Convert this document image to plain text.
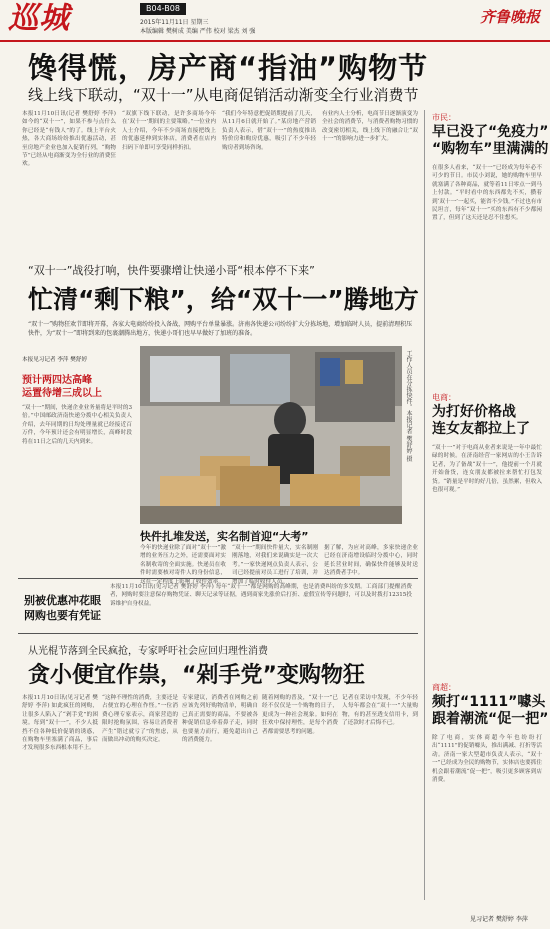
巡城	B04-B08
2015年11月11日 星期三
本版编辑 樊树成 美编 严伟 校对 梁杰 刘 强
齐鲁晚报
馋得慌，房产商“指油”购物节
线上线下联动，“双十一”从电商促销活动渐变全行业消费节
本报11月10日讯(记者 樊舒婷 李萍) 如今的“双十一”，如果不参与点什么你已经是“有钱人”的了。线上平台火热，各大商场纷纷推出优惠活动，甚至房地产企业也加入促销行列，“购物节”已经从电商渐变为全行业的消费狂欢。
“双旗下线下联动，是许多商场今年在‘双十一’期间的主要策略。”一位业内人士介绍，今年不少商场直接把线上的优惠延伸到实体店，消费者在店内扫码下单即可享受同样折扣。
“我们今年特意把促销期提前了几天，从11月6日就开始了。”某房地产营销负责人表示，借“双十一”的热度推出特价房和购房优惠，吸引了不少年轻购房者到场咨询。
有业内人士分析，电商节日逐渐演变为全社会的消费节，与消费者购物习惯的改变密切相关，线上线下的融合让“双十一”的影响力进一步扩大。
“双十一”战役打响，快件要骤增让快递小哥“根本停不下来”
忙清“剩下粮”，给“双十一”腾地方
“双十一”购物狂欢节即将开幕，各家大电商纷纷投入备战，网购平台单量暴涨。济南各快递公司纷纷扩大分拣场地，增加临时人员，提前清理积压快件，为“双十一”即将到来的包裹潮腾出地方，快递小哥们也早早做好了加班的准备。
本报见习记者 李萍 樊舒婷
预计两四达高峰
运置待增三成以上
“双十一”期间，快递企业业务量将是平时的3倍。”中国邮政济南快递分拨中心相关负责人介绍，去年同期的日均处理量就已经接近百万件，今年预计还会有明显增长，高峰时段将在11日之后的几天内到来。	工作人员在分拣快件。本报记者 樊舒婷 摄
快件扎堆发送，实名制首迎“大考”
今年的快递业除了面对“双十一”激增的业务压力之外，还需要面对实名制收寄的全面实施。快递员在收件时需要核对寄件人的身份信息，这在一定程度上影响了收件效率。
“双十一”期间快件量大，实名制刚刚落地，对我们来说确实是一次大考。”一家快递网点负责人表示，公司已经提前对员工进行了培训，并增加了临时收件人员。
据了解，为应对高峰，多家快递企业已经在济南增设临时分拨中心，同时延长营业时间，确保快件能够及时送达消费者手中。
别被优惠冲花眼
网购也要有凭证
本报11月10日讯(见习记者 樊舒婷 李萍) 每年“双十一”都是网购的高峰期，也是消费纠纷的多发期。工商部门提醒消费者，网购时要注意保存购物凭证、聊天记录等证据，遇到商家先涨价后打折、虚假宣传等问题时，可以及时拨打12315投诉维护自身权益。
从光棍节落到全民疯抢，专家呼吁社会应回归理性消费
贪小便宜作祟，“剁手党”变购物狂
本报11月10日讯(见习记者 樊舒婷 李萍) 如此疯狂的网购，让很多人陷入了“剁手党”的困境。每到“双十一”，不少人抵挡不住各种低价促销的诱惑，在购物车里塞满了商品，事后才发现很多东西根本用不上。
“这种不理性的消费，主要还是占便宜的心理在作怪。”一位消费心理专家表示，商家营造的限时抢购氛围，容易让消费者产生“错过就亏了”的焦虑，从而做出冲动的购买决定。
专家建议，消费者在网购之前应该先列好购物清单，明确自己真正需要的商品，不要被各种促销信息牵着鼻子走，同时也要量力而行，避免超出自己的消费能力。
随着网购的普及，“双十一”已经不仅仅是一个购物的日子，更成为一种社会现象。如何在狂欢中保持理性，是每个消费者都需要思考的问题。
记者在采访中发现，不少年轻人每年都会在“双十一”大量购物，有的甚至透支信用卡，到了还款时才后悔不已。
市民：
早已没了“免疫力”
“购物车”里满满的
在很多人看来，“双十一”已经成为每年必不可少的节日。市民小刘说，她的购物车里早就塞满了各种商品，就等着11日零点一到马上付款。“平时看中的东西都先不买，攒着到‘双十一’一起买，能省不少钱。”不过也有市民坦言，每年“双十一”买的东西有不少都闲置了，但到了这天还是忍不住想买。
电商：
为打好价格战
连女友都拉上了
“双十一”对于电商从业者来说是一年中最忙碌的时候。在济南经营一家网店的小王告诉记者，为了备战“双十一”，他提前一个月就开始备货，连女朋友都被拉来帮忙打包发货。“销量是平时的好几倍，虽然累，但收入也很可观。”
商超：
频打“1111”噱头
跟着潮流“促一把”
除了电商，实体商超今年也纷纷打出“1111”的促销噱头，推出满减、打折等活动。济南一家大型超市负责人表示，“双十一”已经成为全民的购物节，实体店也要抓住机会跟着潮流“促一把”，吸引更多顾客到店消费。
见习记者 樊舒婷 李萍
